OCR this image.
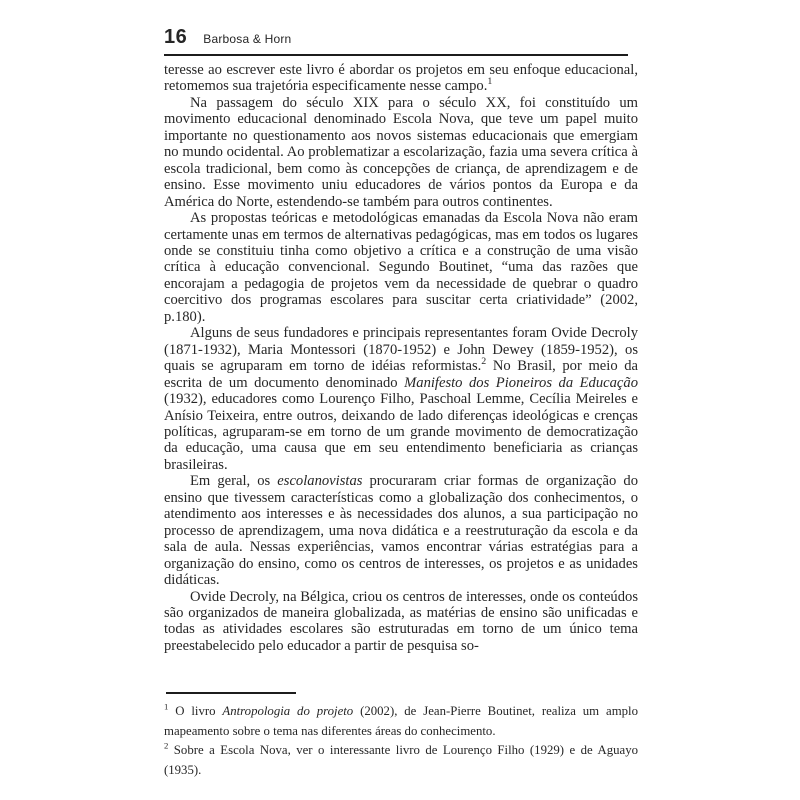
16 Barbosa & Horn

teresse ao escrever este livro é abordar os projetos em seu enfoque educacional, retomemos sua trajetória especificamente nesse campo.$^1$

Na passagem do século XIX para o século XX, foi constituído um movimento educacional denominado Escola Nova, que teve um papel muito importante no questionamento aos novos sistemas educacionais que emergiam no mundo ocidental. Ao problematizar a escolarização, fazia uma severa crítica à escola tradicional, bem como às concepções de criança, de aprendizagem e de ensino. Esse movimento uniu educadores de vários pontos da Europa e da América do Norte, estendendo-se também para outros continentes.

As propostas teóricas e metodológicas emanadas da Escola Nova não eram certamente unas em termos de alternativas pedagógicas, mas em todos os lugares onde se constituiu tinha como objetivo a crítica e a construção de uma visão crítica à educação convencional. Segundo Boutinet, “uma das razões que encorajam a pedagogia de projetos vem da necessidade de quebrar o quadro coercitivo dos programas escolares para suscitar certa criatividade” (2002, p.180).

Alguns de seus fundadores e principais representantes foram Ovide Decroly (1871-1932), Maria Montessori (1870-1952) e John Dewey (1859-1952), os quais se agruparam em torno de idéias reformistas.$^2$ No Brasil, por meio da escrita de um documento denominado Manifesto dos Pioneiros da Educação (1932), educadores como Lourenço Filho, Paschoal Lemme, Cecília Meireles e Anísio Teixeira, entre outros, deixando de lado diferenças ideológicas e crenças políticas, agruparam-se em torno de um grande movimento de democratização da educação, uma causa que em seu entendimento beneficiaria as crianças brasileiras.

Em geral, os escolanovistas procuraram criar formas de organização do ensino que tivessem características como a globalização dos conhecimentos, o atendimento aos interesses e às necessidades dos alunos, a sua participação no processo de aprendizagem, uma nova didática e a reestruturação da escola e da sala de aula. Nessas experiências, vamos encontrar várias estratégias para a organização do ensino, como os centros de interesses, os projetos e as unidades didáticas.

Ovide Decroly, na Bélgica, criou os centros de interesses, onde os conteúdos são organizados de maneira globalizada, as matérias de ensino são unificadas e todas as atividades escolares são estruturadas em torno de um único tema preestabelecido pelo educador a partir de pesquisa so-

$^1$ O livro Antropologia do projeto (2002), de Jean-Pierre Boutinet, realiza um amplo mapeamento sobre o tema nas diferentes áreas do conhecimento.
$^2$ Sobre a Escola Nova, ver o interessante livro de Lourenço Filho (1929) e de Aguayo (1935).
